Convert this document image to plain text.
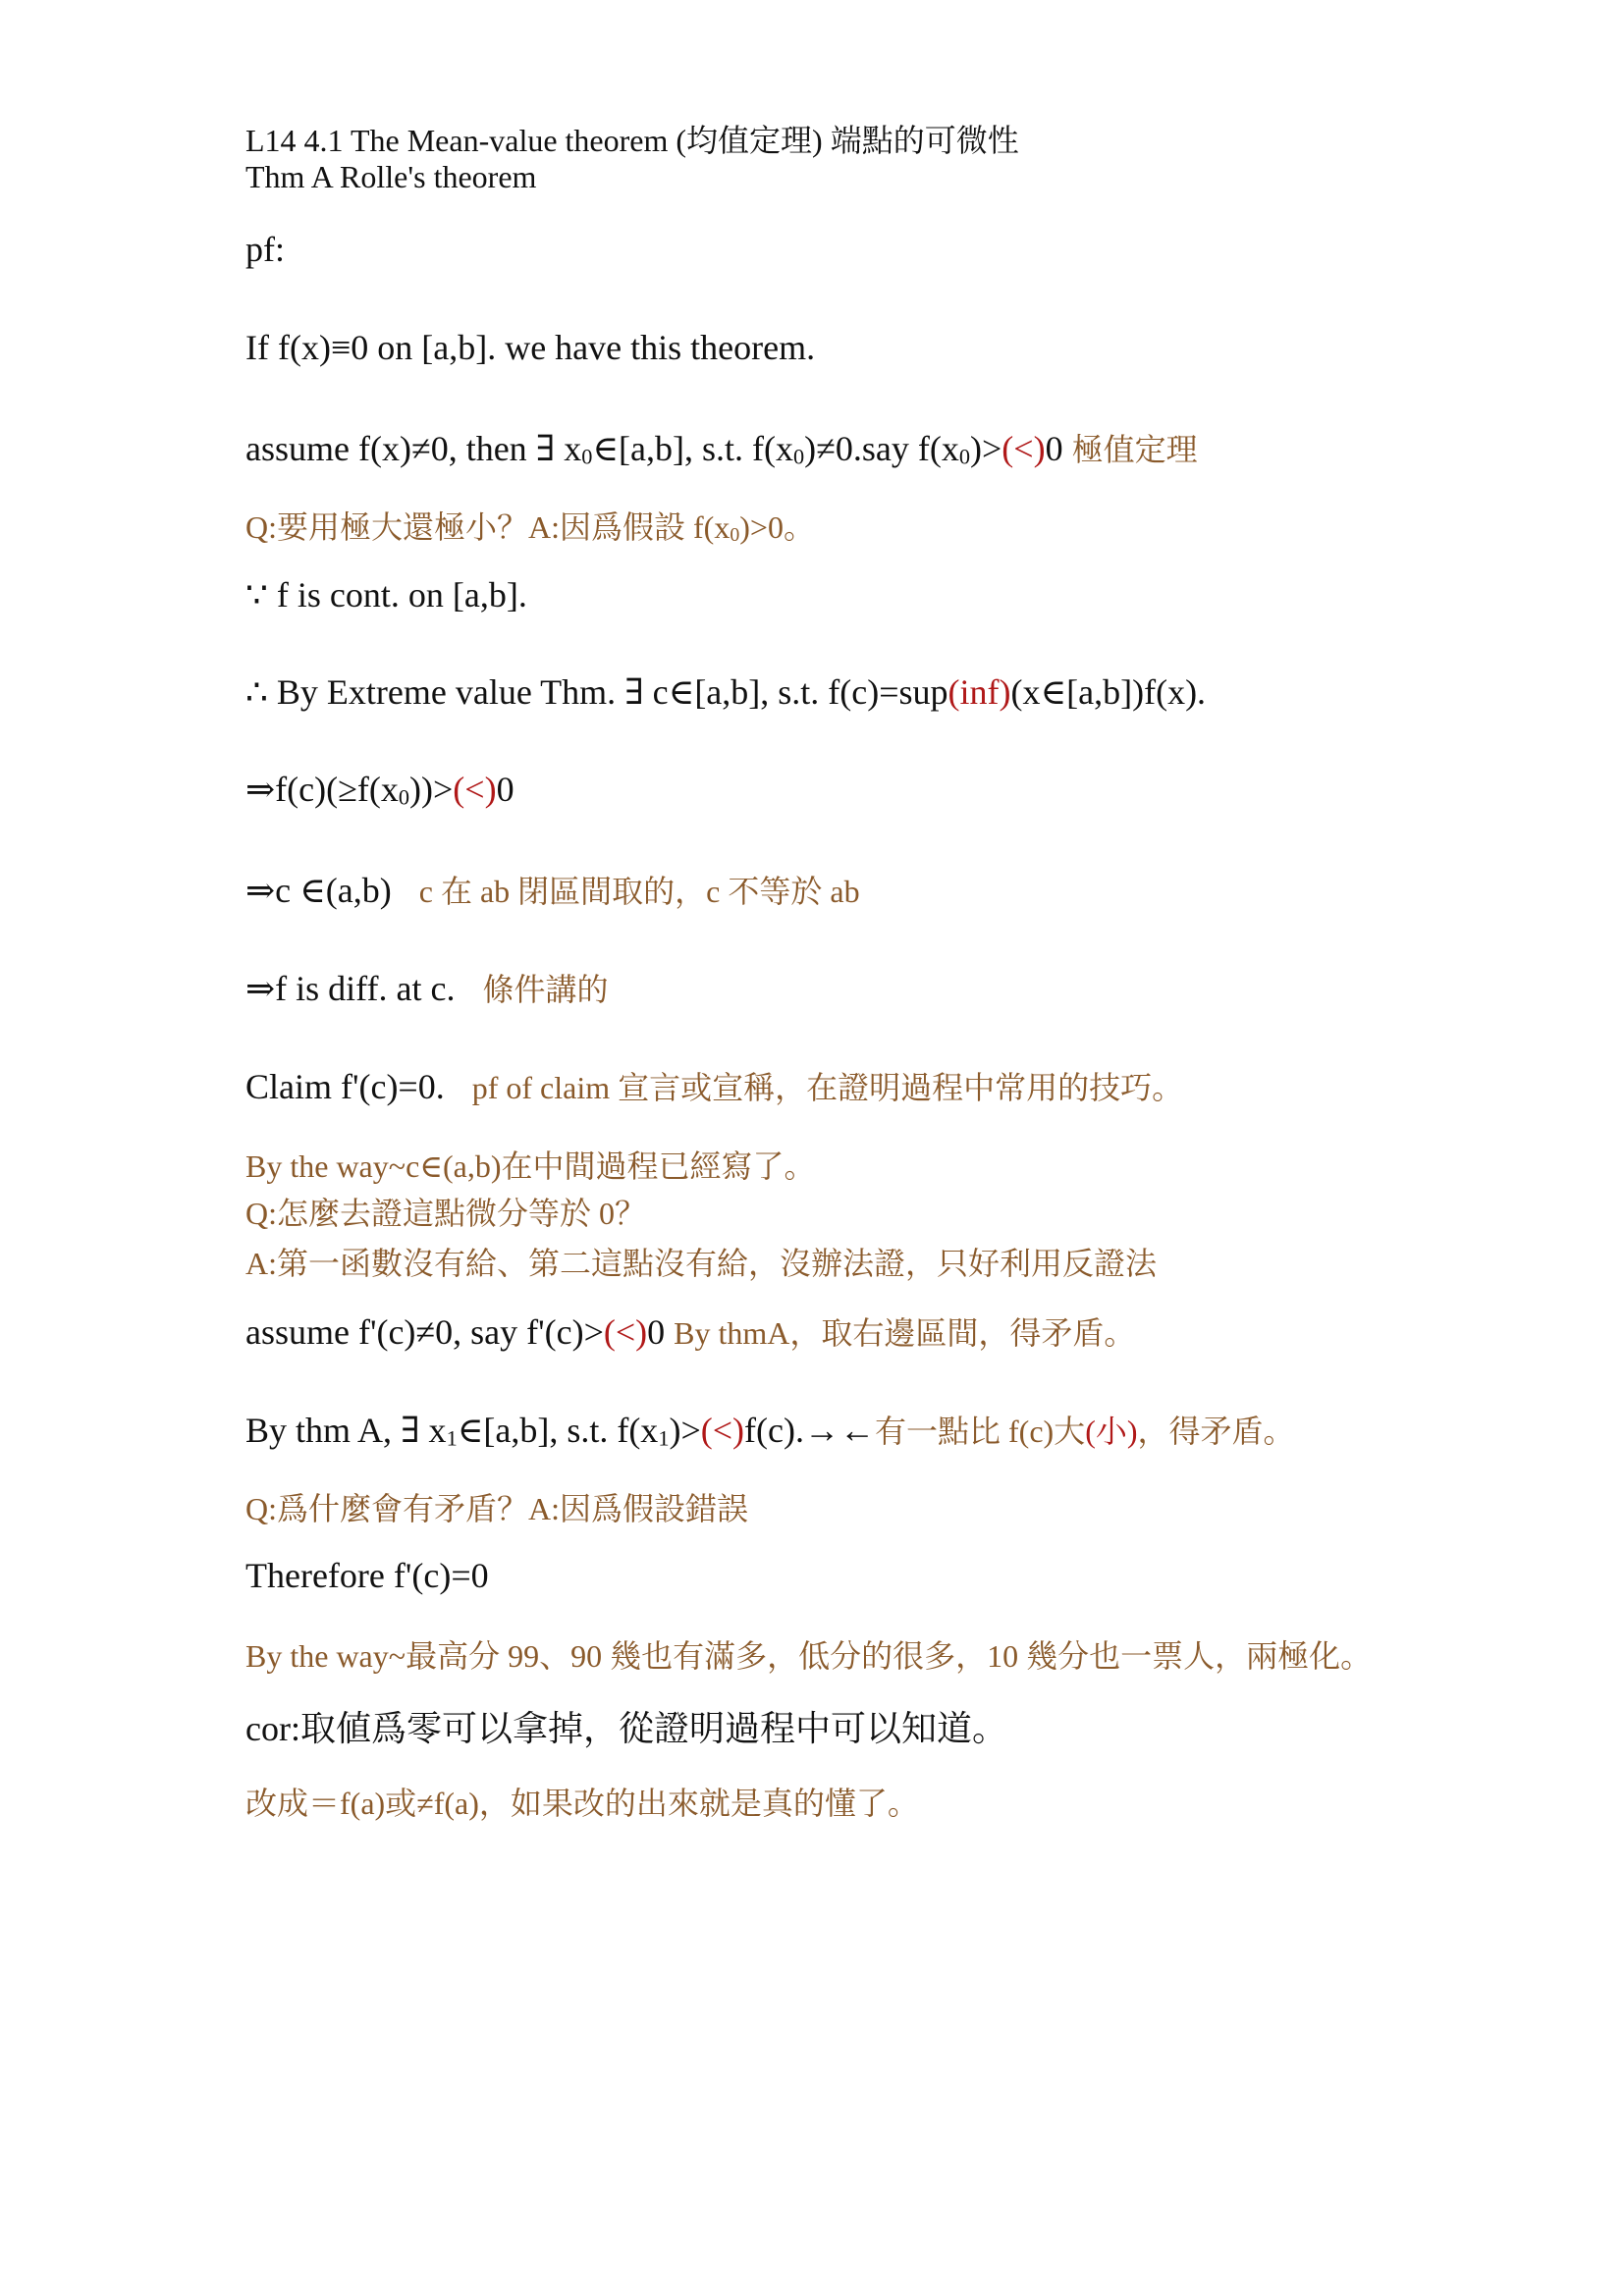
L14 4.1 The Mean-value theorem (均值定理) 端點的可微性
Thm A Rolle's theorem
pf:
If f(x)≡0 on [a,b]. we have this theorem.
assume f(x)≠0, then ∃ $x_0\in[a,b]$, s.t. $f(x_0)\ne 0.say$ $f(x_0)>(<)0$ 極值定理
Q:要用極大還極小？A:因爲假設 $f(x_0)>0$。
∵ f is cont. on [a,b].
∴ By Extreme value Thm. ∃ c∈[a,b], s.t. f(c)=sup(inf)(x∈[a,b])f(x).
$\Rightarrow f(c)(\ge f(x_0))>(<)0$
⇒c ∈(a,b) c 在 ab 閉區間取的，c 不等於 ab
⇒f is diff. at c. 條件講的
Claim f'(c)=0. pf of claim 宣言或宣稱，在證明過程中常用的技巧。
By the way~c∈(a,b)在中間過程已經寫了。
Q:怎麼去證這點微分等於 0？
A:第一函數沒有給、第二這點沒有給，沒辦法證，只好利用反證法
assume f'(c)≠0, say f'(c)>(<)0 By thmA，取右邊區間，得矛盾。
By thm A, ∃ $x_1\in[a,b]$, s.t. $f(x_1)>(<)f(c).\to\leftarrow$有一點比 f(c)大(小)，得矛盾。
Q:爲什麼會有矛盾？A:因爲假設錯誤
Therefore f'(c)=0
By the way~最高分 99、90 幾也有滿多，低分的很多，10 幾分也一票人，兩極化。
cor:取値爲零可以拿掉，從證明過程中可以知道。
改成＝f(a)或≠f(a)，如果改的出來就是真的懂了。
